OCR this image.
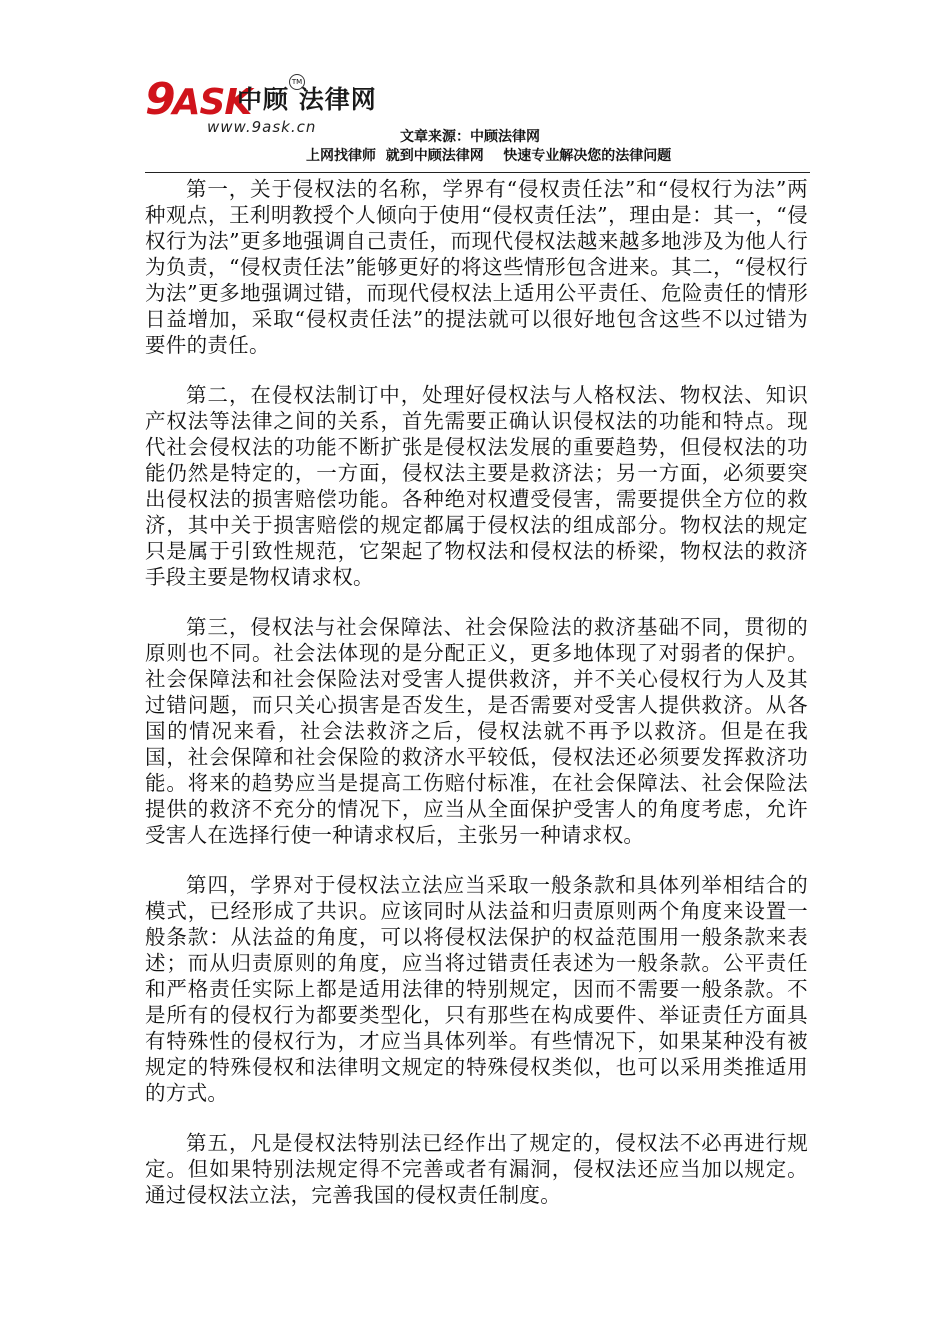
9ASK
中顾 法律网
TM
www.9ask.cn
文章来源：中顾法律网
上网找律师  就到中顾法律网    快速专业解决您的法律问题

第一，关于侵权法的名称，学界有“侵权责任法”和“侵权行为法”两种观点，王利明教授个人倾向于使用“侵权责任法”，理由是：其一，“侵权行为法”更多地强调自己责任，而现代侵权法越来越多地涉及为他人行为负责，“侵权责任法”能够更好的将这些情形包含进来。其二，“侵权行为法”更多地强调过错，而现代侵权法上适用公平责任、危险责任的情形日益增加，采取“侵权责任法”的提法就可以很好地包含这些不以过错为要件的责任。

第二，在侵权法制订中，处理好侵权法与人格权法、物权法、知识产权法等法律之间的关系，首先需要正确认识侵权法的功能和特点。现代社会侵权法的功能不断扩张是侵权法发展的重要趋势，但侵权法的功能仍然是特定的，一方面，侵权法主要是救济法；另一方面，必须要突出侵权法的损害赔偿功能。各种绝对权遭受侵害，需要提供全方位的救济，其中关于损害赔偿的规定都属于侵权法的组成部分。物权法的规定只是属于引致性规范，它架起了物权法和侵权法的桥梁，物权法的救济手段主要是物权请求权。

第三，侵权法与社会保障法、社会保险法的救济基础不同，贯彻的原则也不同。社会法体现的是分配正义，更多地体现了对弱者的保护。社会保障法和社会保险法对受害人提供救济，并不关心侵权行为人及其过错问题，而只关心损害是否发生，是否需要对受害人提供救济。从各国的情况来看，社会法救济之后，侵权法就不再予以救济。但是在我国，社会保障和社会保险的救济水平较低，侵权法还必须要发挥救济功能。将来的趋势应当是提高工伤赔付标准，在社会保障法、社会保险法提供的救济不充分的情况下，应当从全面保护受害人的角度考虑，允许受害人在选择行使一种请求权后，主张另一种请求权。

第四，学界对于侵权法立法应当采取一般条款和具体列举相结合的模式，已经形成了共识。应该同时从法益和归责原则两个角度来设置一般条款：从法益的角度，可以将侵权法保护的权益范围用一般条款来表述；而从归责原则的角度，应当将过错责任表述为一般条款。公平责任和严格责任实际上都是适用法律的特别规定，因而不需要一般条款。不是所有的侵权行为都要类型化，只有那些在构成要件、举证责任方面具有特殊性的侵权行为，才应当具体列举。有些情况下，如果某种没有被规定的特殊侵权和法律明文规定的特殊侵权类似，也可以采用类推适用的方式。

第五，凡是侵权法特别法已经作出了规定的，侵权法不必再进行规定。但如果特别法规定得不完善或者有漏洞，侵权法还应当加以规定。通过侵权法立法，完善我国的侵权责任制度。
